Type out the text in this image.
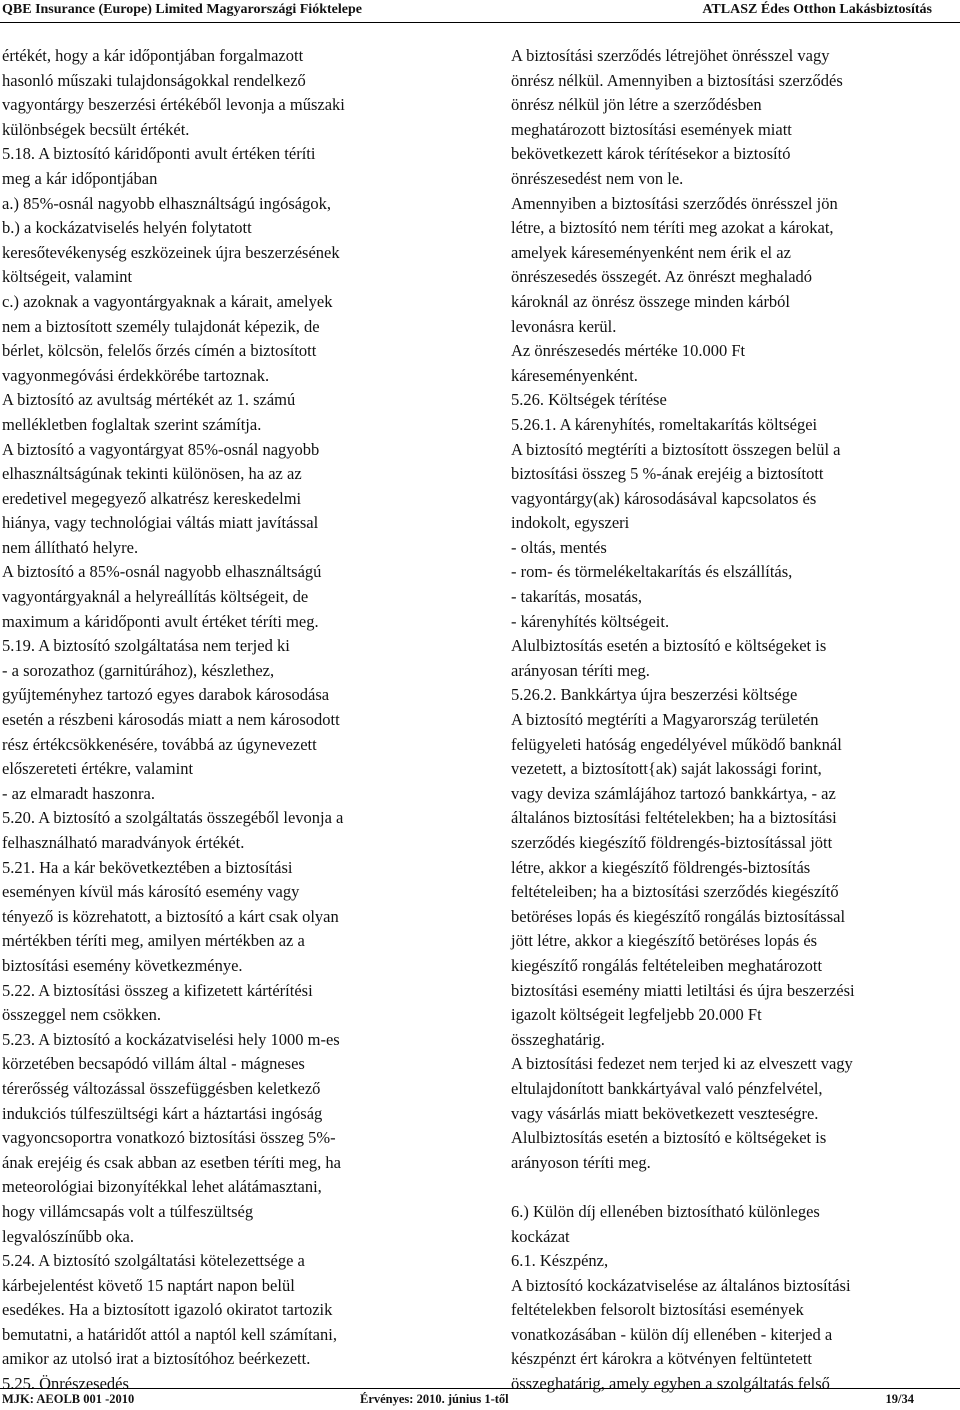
QBE Insurance (Europe) Limited Magyarországi Fióktelepe	ATLASZ Édes Otthon Lakásbiztosítás
értékét, hogy a kár időpontjában forgalmazott
hasonló műszaki tulajdonságokkal rendelkező
vagyontárgy beszerzési értékéből levonja a műszaki
különbségek becsült értékét.
5.18. A biztosító káridőponti avult értéken téríti
meg a kár időpontjában
a.) 85%-osnál nagyobb elhasználtságú ingóságok,
b.) a kockázatviselés helyén folytatott
keresőtevékenység eszközeinek újra beszerzésének
költségeit, valamint
c.) azoknak a vagyontárgyaknak a kárait, amelyek
nem a biztosított személy tulajdonát képezik, de
bérlet, kölcsön, felelős őrzés címén a biztosított
vagyonmegóvási érdekkörébe tartoznak.
A biztosító az avultság mértékét az 1. számú
mellékletben foglaltak szerint számítja.
A biztosító a vagyontárgyat 85%-osnál nagyobb
elhasználtságúnak tekinti különösen, ha az az
eredetivel megegyező alkatrész kereskedelmi
hiánya, vagy technológiai váltás miatt javítással
nem állítható helyre.
A biztosító a 85%-osnál nagyobb elhasználtságú
vagyontárgyaknál a helyreállítás költségeit, de
maximum a káridőponti avult értéket téríti meg.
5.19. A biztosító szolgáltatása nem terjed ki
- a sorozathoz (garnitúrához), készlethez,
gyűjteményhez tartozó egyes darabok károsodása
esetén a részbeni károsodás miatt a nem károsodott
rész értékcsökkenésére, továbbá az úgynevezett
előszereteti értékre, valamint
- az elmaradt haszonra.
5.20. A biztosító a szolgáltatás összegéből levonja a
felhasználható maradványok értékét.
5.21. Ha a kár bekövetkeztében a biztosítási
eseményen kívül más károsító esemény vagy
tényező is közrehatott, a biztosító a kárt csak olyan
mértékben téríti meg, amilyen mértékben az a
biztosítási esemény következménye.
5.22. A biztosítási összeg a kifizetett kártérítési
összeggel nem csökken.
5.23. A biztosító a kockázatviselési hely 1000 m-es
körzetében becsapódó villám által - mágneses
térerősség változással összefüggésben keletkező
indukciós túlfeszültségi kárt a háztartási ingóság
vagyoncsoportra vonatkozó biztosítási összeg 5%-
ának erejéig és csak abban az esetben téríti meg, ha
meteorológiai bizonyítékkal lehet alátámasztani,
hogy villámcsapás volt a túlfeszültség
legvalószínűbb oka.
5.24. A biztosító szolgáltatási kötelezettsége a
kárbejelentést követő 15 naptárt napon belül
esedékes. Ha a biztosított igazoló okiratot tartozik
bemutatni, a határidőt attól a naptól kell számítani,
amikor az utolsó irat a biztosítóhoz beérkezett.
5.25. Önrészesedés
A biztosítási szerződés létrejöhet önrésszel vagy
önrész nélkül. Amennyiben a biztosítási szerződés
önrész nélkül jön létre a szerződésben
meghatározott biztosítási események miatt
bekövetkezett károk térítésekor a biztosító
önrészesedést nem von le.
Amennyiben a biztosítási szerződés önrésszel jön
létre, a biztosító nem téríti meg azokat a károkat,
amelyek káreseményenként nem érik el az
önrészesedés összegét. Az önrészt meghaladó
károknál az önrész összege minden kárból
levonásra kerül.
Az önrészesedés mértéke 10.000 Ft
káreseményenként.
5.26. Költségek térítése
5.26.1. A kárenyhítés, romeltakarítás költségei
A biztosító megtéríti a biztosított összegen belül a
biztosítási összeg 5 %-ának erejéig a biztosított
vagyontárgy(ak) károsodásával kapcsolatos és
indokolt, egyszeri
- oltás, mentés
- rom- és törmelékeltakarítás és elszállítás,
- takarítás, mosatás,
- kárenyhítés költségeit.
Alulbiztosítás esetén a biztosító e költségeket is
arányosan téríti meg.
5.26.2. Bankkártya újra beszerzési költsége
A biztosító megtéríti a Magyarország területén
felügyeleti hatóság engedélyével működő banknál
vezetett, a biztosított{ak) saját lakossági forint,
vagy deviza számlájához tartozó bankkártya, - az
általános biztosítási feltételekben; ha a biztosítási
szerződés kiegészítő földrengés-biztosítással jött
létre, akkor a kiegészítő földrengés-biztosítás
feltételeiben; ha a biztosítási szerződés kiegészítő
betöréses lopás és kiegészítő rongálás biztosítással
jött létre, akkor a kiegészítő betöréses lopás és
kiegészítő rongálás feltételeiben meghatározott
biztosítási esemény miatti letiltási és újra beszerzési
igazolt költségeit legfeljebb 20.000 Ft
összeghatárig.
A biztosítási fedezet nem terjed ki az elveszett vagy
eltulajdonított bankkártyával való pénzfelvétel,
vagy vásárlás miatt bekövetkezett veszteségre.
Alulbiztosítás esetén a biztosító e költségeket is
arányoson téríti meg.
6.) Külön díj ellenében biztosítható különleges
kockázat
6.1. Készpénz,
A biztosító kockázatviselése az általános biztosítási
feltételekben felsorolt biztosítási események
vonatkozásában - külön díj ellenében - kiterjed a
készpénzt ért károkra a kötvényen feltüntetett
összeghatárig, amely egyben a szolgáltatás felső
MJK: AEOLB 001 -2010	Érvényes: 2010. június 1-től	19/34
